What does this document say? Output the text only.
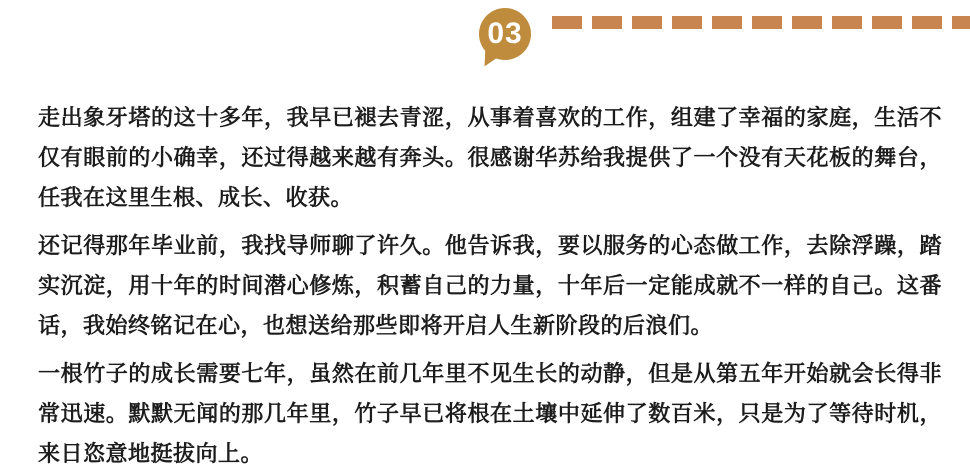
03

走出象牙塔的这十多年，我早已褪去青涩，从事着喜欢的工作，组建了幸福的家庭，生活不仅有眼前的小确幸，还过得越来越有奔头。很感谢华苏给我提供了一个没有天花板的舞台，任我在这里生根、成长、收获。

还记得那年毕业前，我找导师聊了许久。他告诉我，要以服务的心态做工作，去除浮躁，踏实沉淀，用十年的时间潜心修炼，积蓄自己的力量，十年后一定能成就不一样的自己。这番话，我始终铭记在心，也想送给那些即将开启人生新阶段的后浪们。

一根竹子的成长需要七年，虽然在前几年里不见生长的动静，但是从第五年开始就会长得非常迅速。默默无闻的那几年里，竹子早已将根在土壤中延伸了数百米，只是为了等待时机，来日恣意地挺拔向上。
